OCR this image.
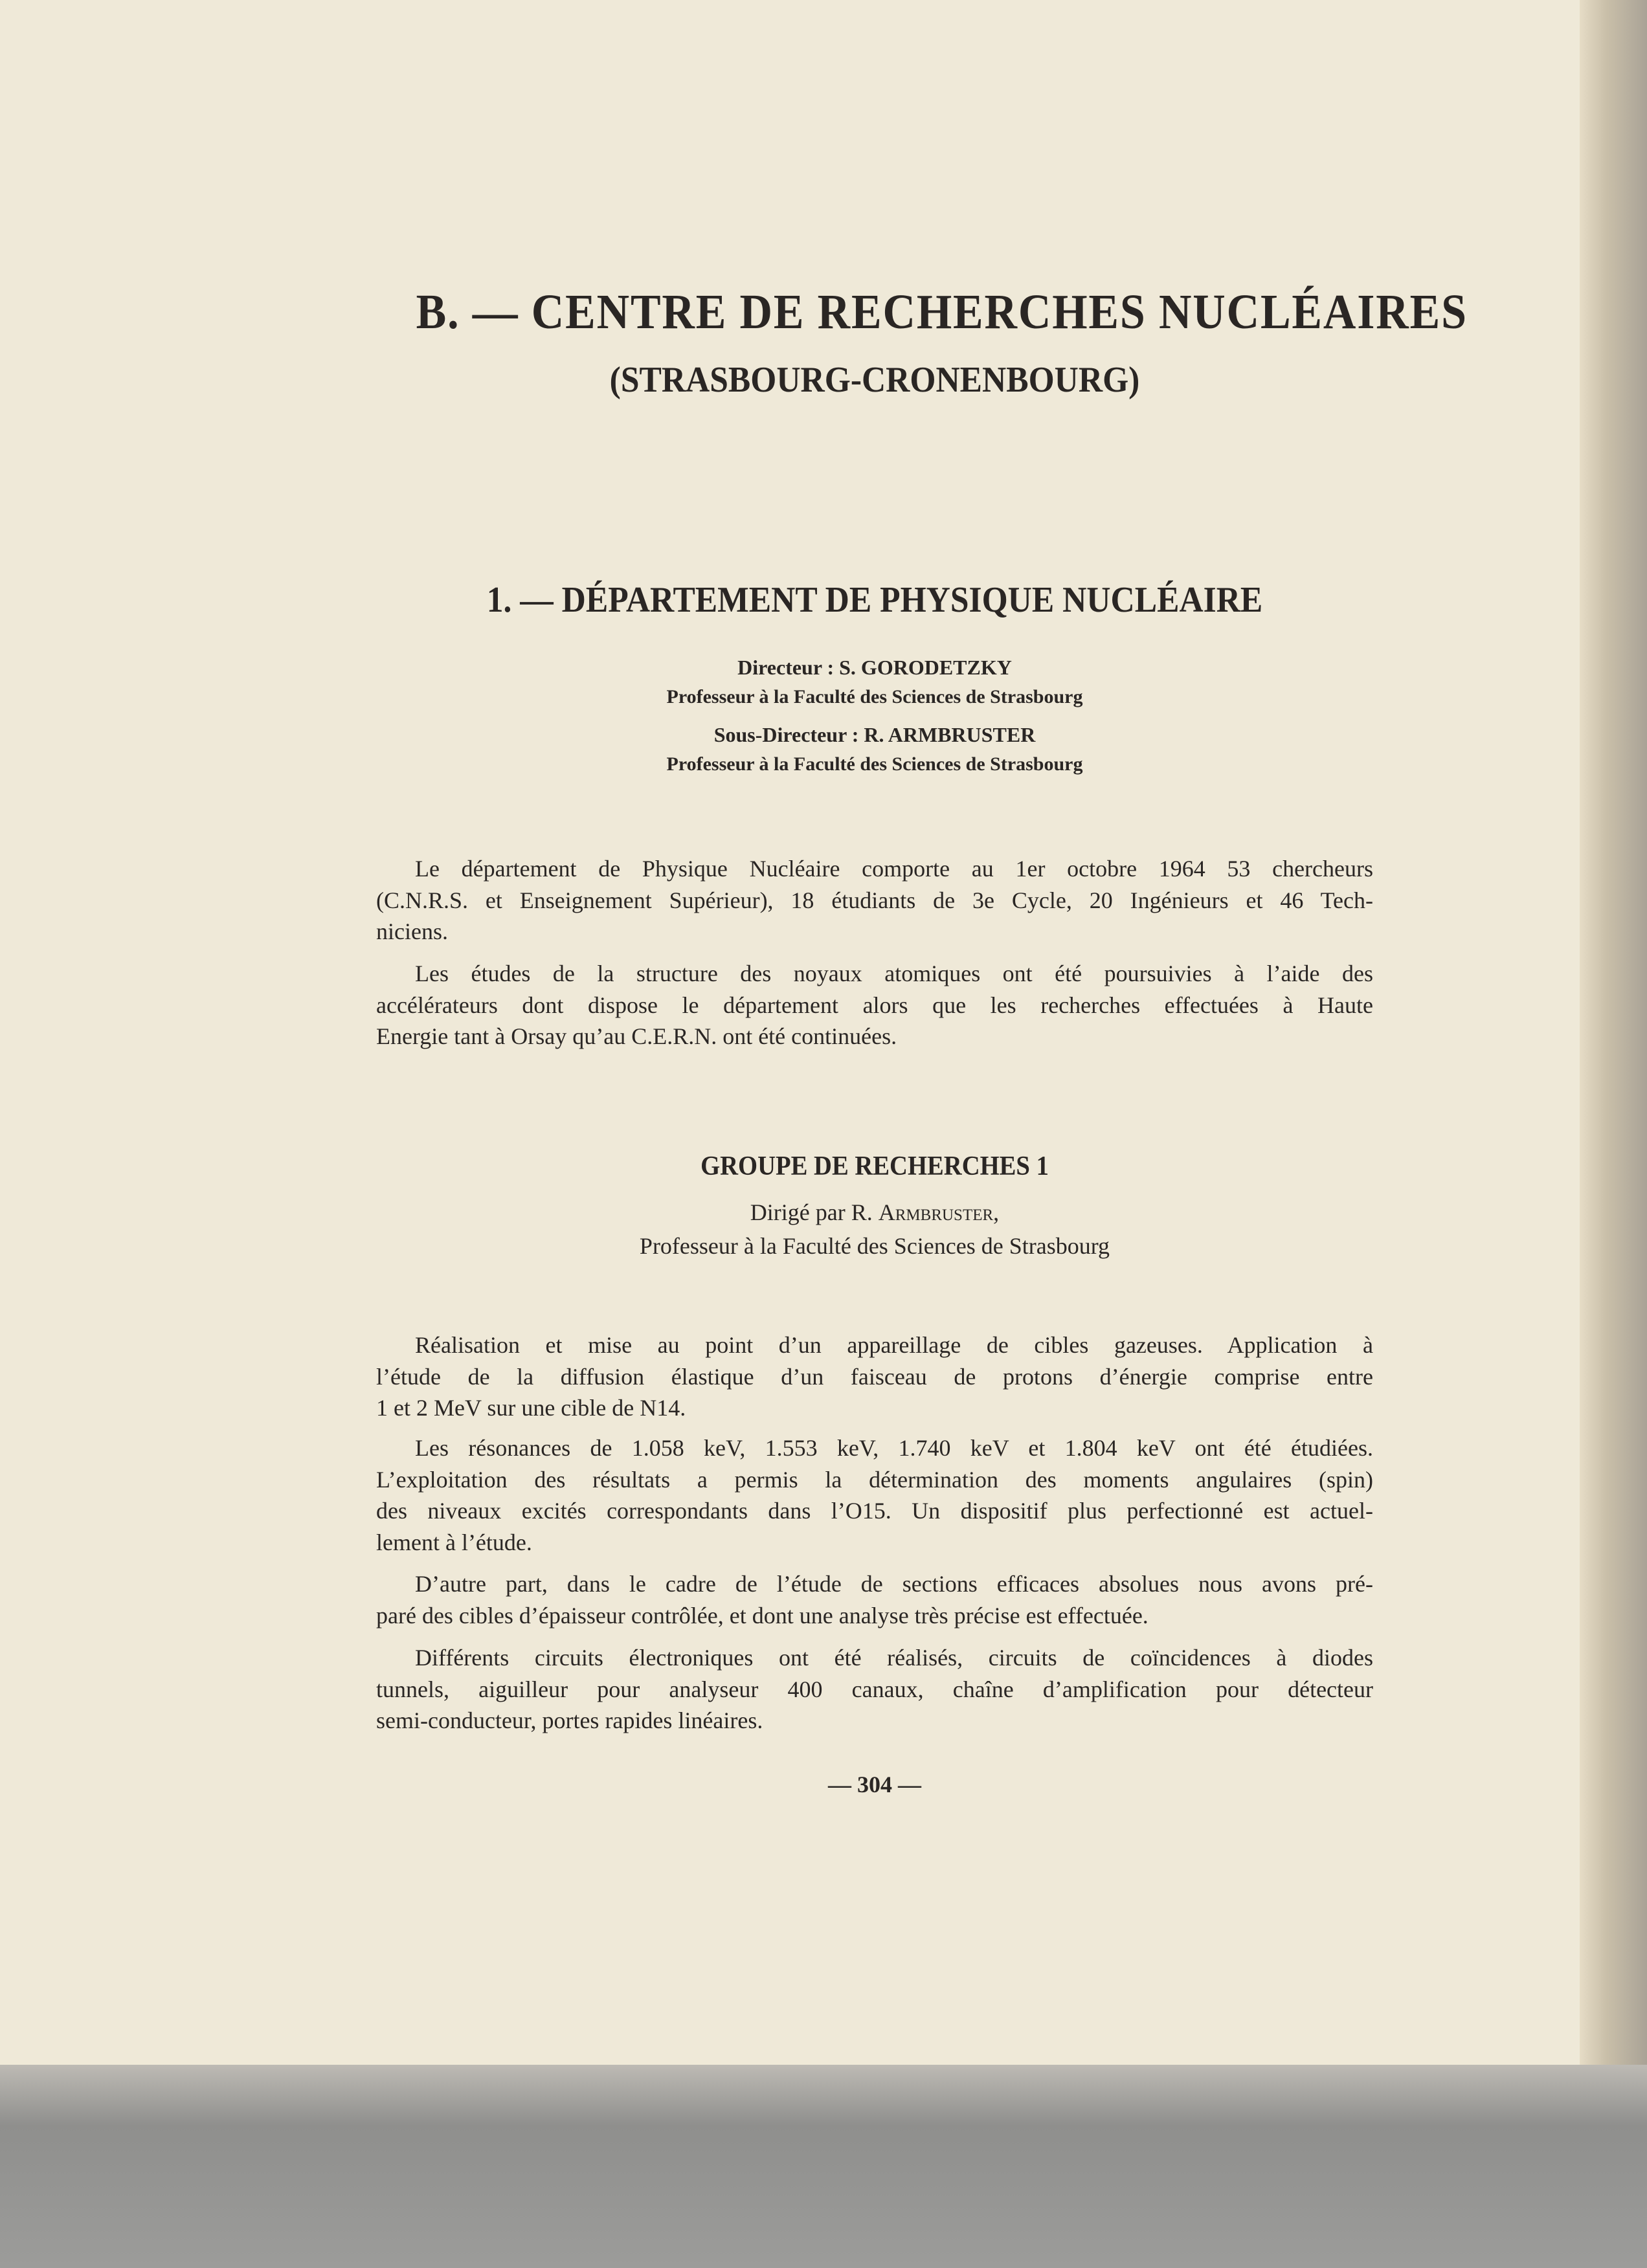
B. — CENTRE DE RECHERCHES NUCLÉAIRES
(STRASBOURG-CRONENBOURG)
1. — DÉPARTEMENT DE PHYSIQUE NUCLÉAIRE
Directeur : S. GORODETZKY
Professeur à la Faculté des Sciences de Strasbourg
Sous-Directeur : R. ARMBRUSTER
Professeur à la Faculté des Sciences de Strasbourg
Le département de Physique Nucléaire comporte au 1er octobre 1964 53 chercheurs
(C.N.R.S. et Enseignement Supérieur), 18 étudiants de 3e Cycle, 20 Ingénieurs et 46 Tech-
niciens.
Les études de la structure des noyaux atomiques ont été poursuivies à l’aide des
accélérateurs dont dispose le département alors que les recherches effectuées à Haute
Energie tant à Orsay qu’au C.E.R.N. ont été continuées.
GROUPE DE RECHERCHES 1
Dirigé par R. Armbruster,
Professeur à la Faculté des Sciences de Strasbourg
Réalisation et mise au point d’un appareillage de cibles gazeuses. Application à
l’étude de la diffusion élastique d’un faisceau de protons d’énergie comprise entre
1 et 2 MeV sur une cible de N14.
Les résonances de 1.058 keV, 1.553 keV, 1.740 keV et 1.804 keV ont été étudiées.
L’exploitation des résultats a permis la détermination des moments angulaires (spin)
des niveaux excités correspondants dans l’O15. Un dispositif plus perfectionné est actuel-
lement à l’étude.
D’autre part, dans le cadre de l’étude de sections efficaces absolues nous avons pré-
paré des cibles d’épaisseur contrôlée, et dont une analyse très précise est effectuée.
Différents circuits électroniques ont été réalisés, circuits de coïncidences à diodes
tunnels, aiguilleur pour analyseur 400 canaux, chaîne d’amplification pour détecteur
semi-conducteur, portes rapides linéaires.
— 304 —
